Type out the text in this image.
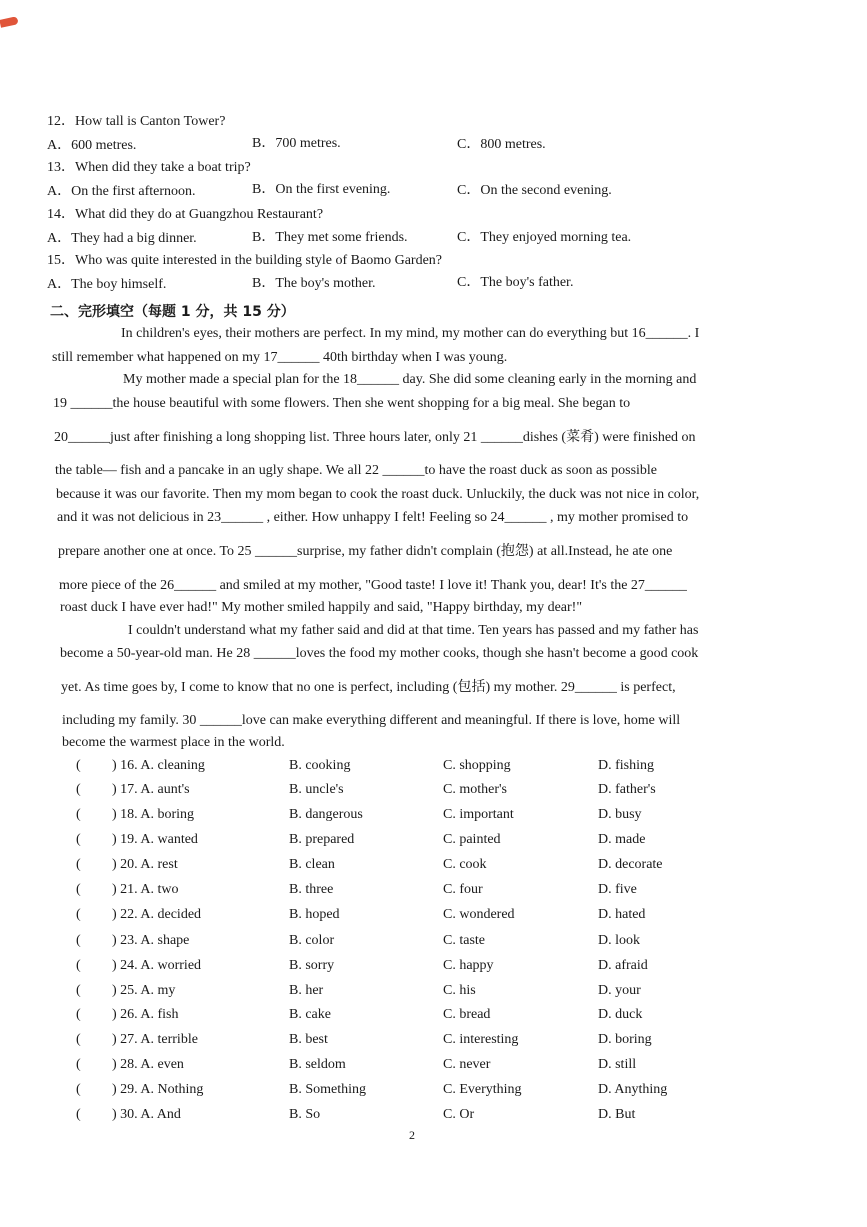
12．How tall is Canton Tower?
A．600 metres.	B．700 metres.	C．800 metres.
13．When did they take a boat trip?
A．On the first afternoon.	B．On the first evening.	C．On the second evening.
14．What did they do at Guangzhou Restaurant?
A．They had a big dinner.	B．They met some friends.	C．They enjoyed morning tea.
15．Who was quite interested in the building style of Baomo Garden?
A．The boy himself.	B．The boy's mother.	C．The boy's father.
二、完形填空（每题 1 分，共 15 分）
In children's eyes, their mothers are perfect. In my mind, my mother can do everything but 16______. I
still remember what happened on my 17______ 40th birthday when I was young.
My mother made a special plan for the 18______ day. She did some cleaning early in the morning and
19 ______the house beautiful with some flowers. Then she went shopping for a big meal. She began to
20______just after finishing a long shopping list. Three hours later, only 21 ______dishes (菜肴) were finished on
the table— fish and a pancake in an ugly shape. We all 22 ______to have the roast duck as soon as possible
because it was our favorite. Then my mom began to cook the roast duck. Unluckily, the duck was not nice in color,
and it was not delicious in 23______ , either. How unhappy I felt! Feeling so 24______ , my mother promised to
prepare another one at once. To 25 ______surprise, my father didn't complain (抱怨) at all.Instead, he ate one
more piece of the 26______ and smiled at my mother, "Good taste! I love it! Thank you, dear! It's the 27______
roast duck I have ever had!" My mother smiled happily and said, "Happy birthday, my dear!"
I couldn't understand what my father said and did at that time. Ten years has passed and my father has
become a 50-year-old man. He 28 ______loves the food my mother cooks, though she hasn't become a good cook
yet. As time goes by, I come to know that no one is perfect, including (包括) my mother. 29______ is perfect,
including my family. 30 ______love can make everything different and meaningful. If there is love, home will
become the warmest place in the world.
( ) 16. A. cleaning	B. cooking	C. shopping	D. fishing
( ) 17. A. aunt's	B. uncle's	C. mother's	D. father's
( ) 18. A. boring	B. dangerous	C. important	D. busy
( ) 19. A. wanted	B. prepared	C. painted	D. made
( ) 20. A. rest	B. clean	C. cook	D. decorate
( ) 21. A. two	B. three	C. four	D. five
( ) 22. A. decided	B. hoped	C. wondered	D. hated
( ) 23. A. shape	B. color	C. taste	D. look
( ) 24. A. worried	B. sorry	C. happy	D. afraid
( ) 25. A. my	B. her	C. his	D. your
( ) 26. A. fish	B. cake	C. bread	D. duck
( ) 27. A. terrible	B. best	C. interesting	D. boring
( ) 28. A. even	B. seldom	C. never	D. still
( ) 29. A. Nothing	B. Something	C. Everything	D. Anything
( ) 30. A. And	B. So	C. Or	D. But
2
